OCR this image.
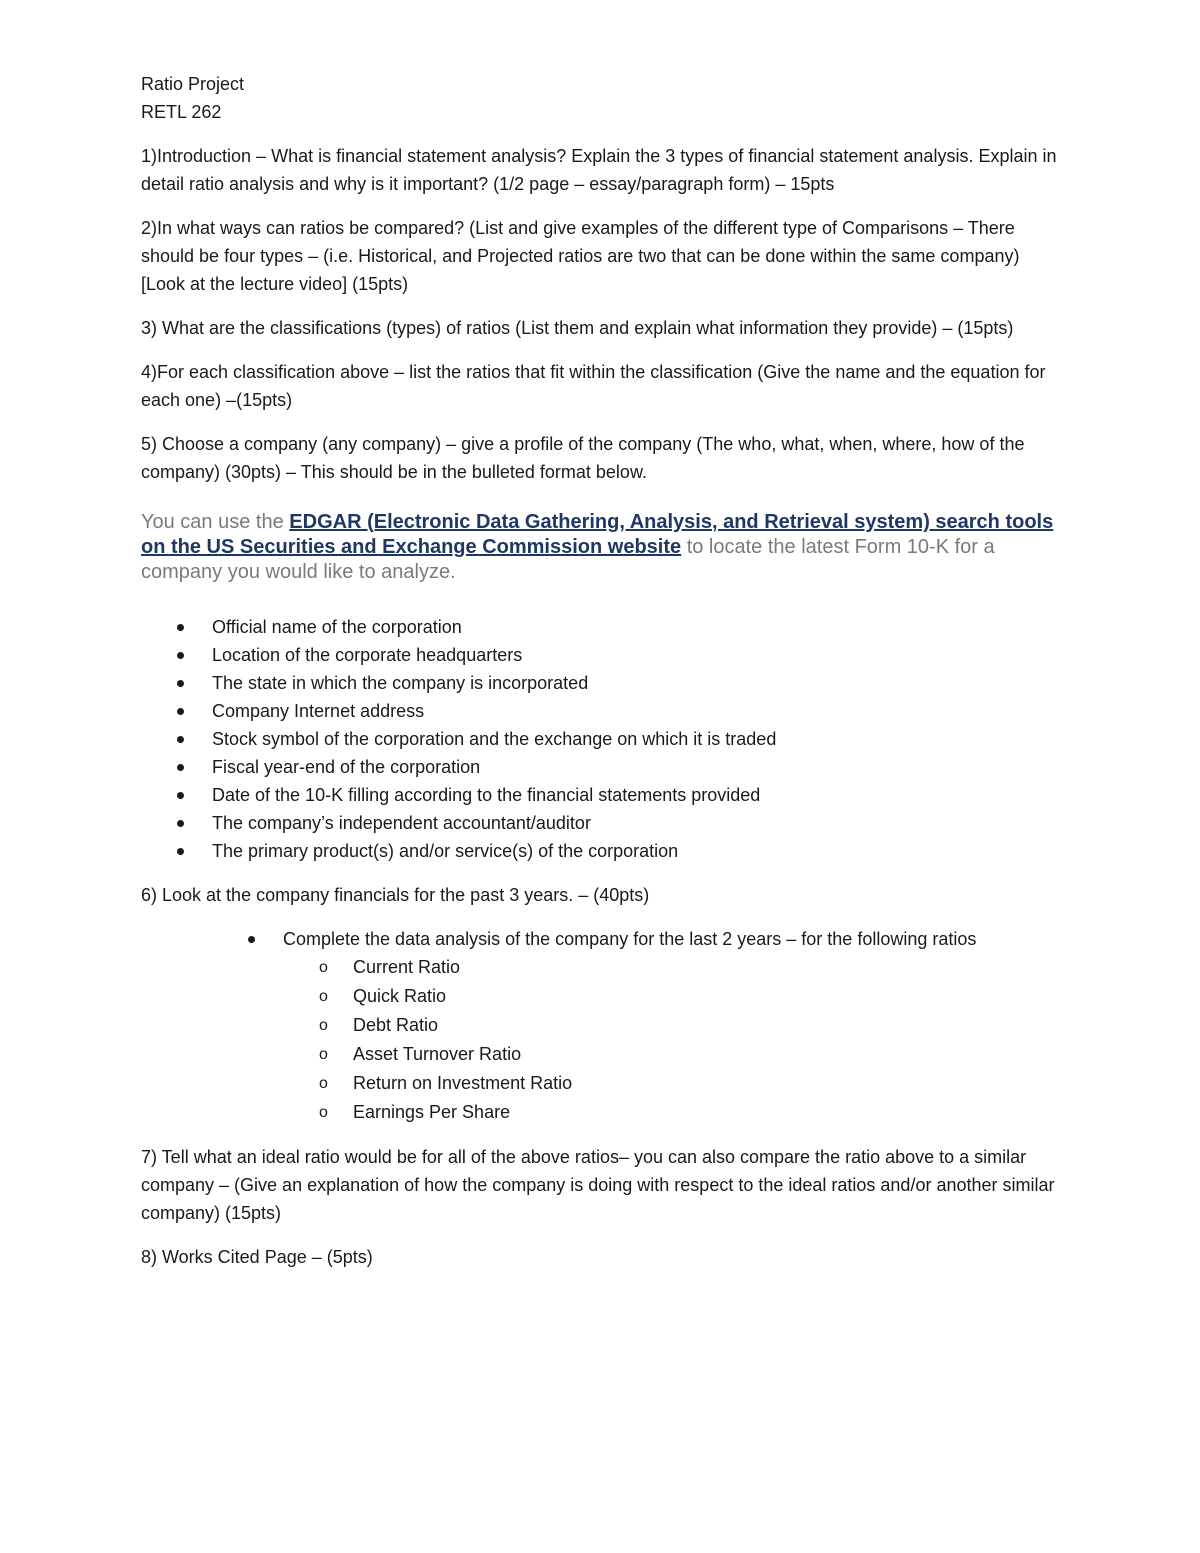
Ratio Project

RETL 262

1)Introduction – What is financial statement analysis? Explain the 3 types of financial statement analysis. Explain in detail ratio analysis and why is it important? (1/2 page – essay/paragraph form) – 15pts

2)In what ways can ratios be compared? (List and give examples of the different type of Comparisons – There should be four types – (i.e. Historical, and Projected ratios are two that can be done within the same company) [Look at the lecture video] (15pts)

3) What are the classifications (types) of ratios (List them and explain what information they provide) – (15pts)

4)For each classification above – list the ratios that fit within the classification (Give the name and the equation for each one) –(15pts)

5) Choose a company (any company) – give a profile of the company (The who, what, when, where, how of the company) (30pts) – This should be in the bulleted format below.

You can use the EDGAR (Electronic Data Gathering, Analysis, and Retrieval system) search tools on the US Securities and Exchange Commission website to locate the latest Form 10-K for a company you would like to analyze.

Official name of the corporation
Location of the corporate headquarters
The state in which the company is incorporated
Company Internet address
Stock symbol of the corporation and the exchange on which it is traded
Fiscal year-end of the corporation
Date of the 10-K filling according to the financial statements provided
The company’s independent accountant/auditor
The primary product(s) and/or service(s) of the corporation

6) Look at the company financials for the past 3 years. – (40pts)

Complete the data analysis of the company for the last 2 years – for the following ratios
o Current Ratio
o Quick Ratio
o Debt Ratio
o Asset Turnover Ratio
o Return on Investment Ratio
o Earnings Per Share

7) Tell what an ideal ratio would be for all of the above ratios– you can also compare the ratio above to a similar company – (Give an explanation of how the company is doing with respect to the ideal ratios and/or another similar company) (15pts)

8) Works Cited Page – (5pts)
